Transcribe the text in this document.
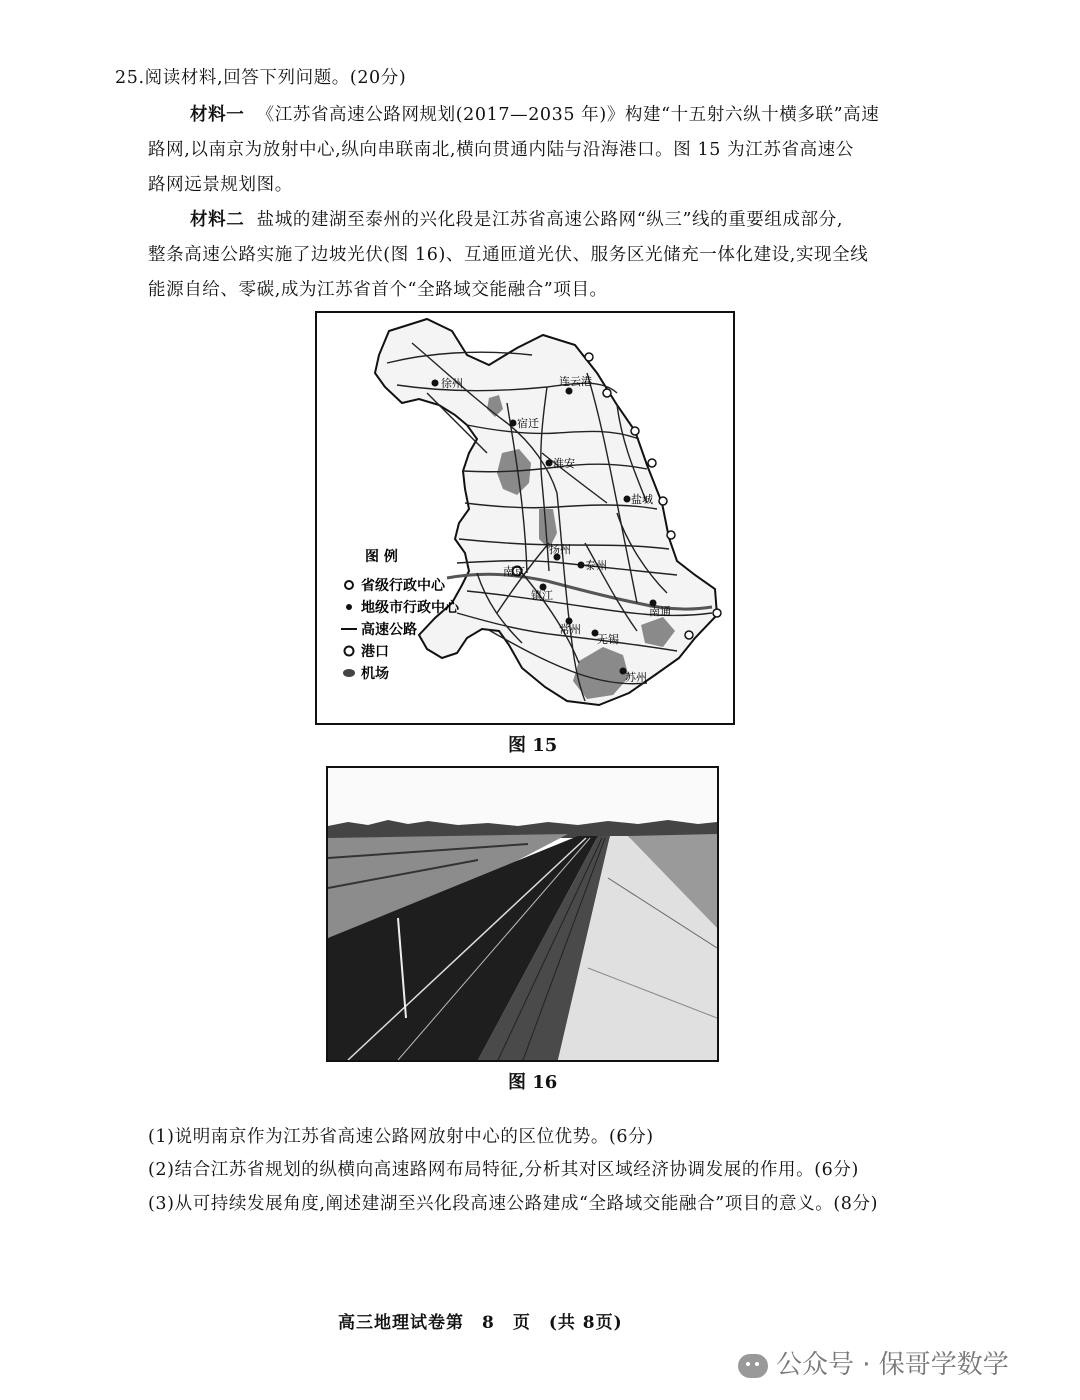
25.阅读材料,回答下列问题。(20分)
材料一 《江苏省高速公路网规划(2017—2035 年)》构建“十五射六纵十横多联”高速
路网,以南京为放射中心,纵向串联南北,横向贯通内陆与沿海港口。图 15 为江苏省高速公
路网远景规划图。
材料二 盐城的建湖至泰州的兴化段是江苏省高速公路网“纵三”线的重要组成部分,
整条高速公路实施了边坡光伏(图 16)、互通匝道光伏、服务区光储充一体化建设,实现全线
能源自给、零碳,成为江苏省首个“全路域交能融合”项目。
徐州	连云港
宿迁
淮安
盐城
扬州
泰州
南京
镇江
南通
常州
无锡
苏州
图 例
省级行政中心
地级市行政中心
高速公路
港口
机场
图 15
图 16
(1)说明南京作为江苏省高速公路网放射中心的区位优势。(6分)
(2)结合江苏省规划的纵横向高速路网布局特征,分析其对区域经济协调发展的作用。(6分)
(3)从可持续发展角度,阐述建湖至兴化段高速公路建成“全路域交能融合”项目的意义。(8分)
高三地理试卷第　8　页　(共 8页)
公众号 · 保哥学数学
